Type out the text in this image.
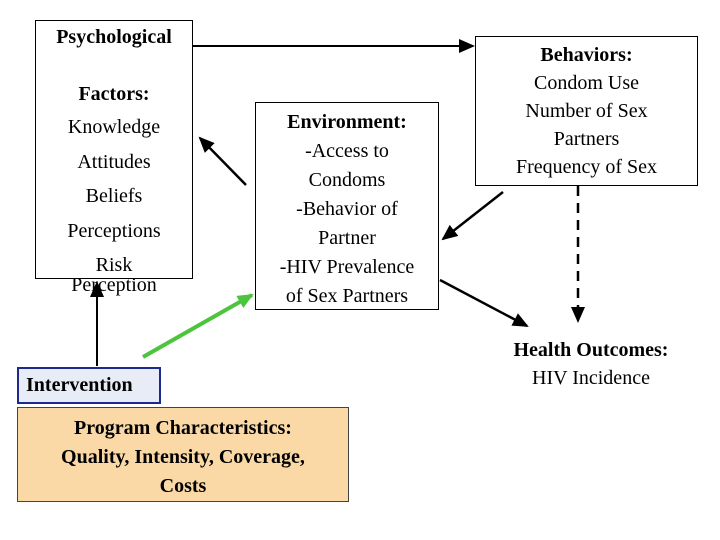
Psychological
Factors:
Knowledge
Attitudes
Beliefs
Perceptions
Risk
Perception
Environment:
-Access to
Condoms
-Behavior of
Partner
-HIV Prevalence
of Sex Partners
Behaviors:
Condom Use
Number of Sex
Partners
Frequency of Sex
Health Outcomes:
HIV Incidence
Intervention
Program Characteristics:
Quality, Intensity, Coverage,
Costs
